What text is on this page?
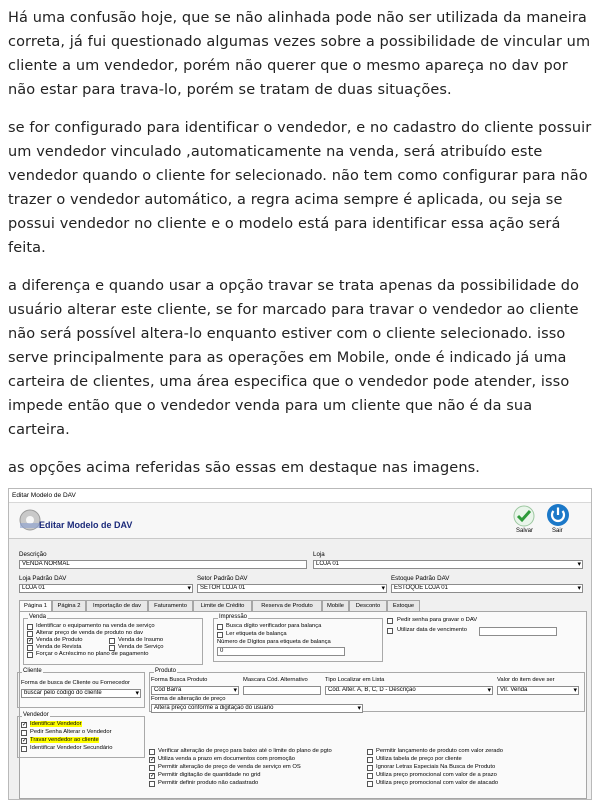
Há uma confusão hoje, que se não alinhada pode não ser utilizada da maneira correta, já fui questionado algumas vezes sobre a possibilidade de vincular um cliente a um vendedor, porém não querer que o mesmo apareça no dav por não estar para trava-lo, porém se tratam de duas situações.

se for configurado para identificar o vendedor, e no cadastro do cliente possuir um vendedor vinculado ,automaticamente na venda, será atribuído este vendedor quando o cliente for selecionado. não tem como configurar para não trazer o vendedor automático, a regra acima sempre é aplicada, ou seja se possui vendedor no cliente e o modelo está para identificar essa ação será feita.

a diferença e quando usar a opção travar se trata apenas da possibilidade do usuário alterar este cliente, se for marcado para travar o vendedor ao cliente não será possível altera-lo enquanto estiver com o cliente selecionado. isso serve principalmente para as operações em Mobile, onde é indicado já uma carteira de clientes, uma área especifica que o vendedor pode atender, isso impede então que o vendedor venda para um cliente que não é da sua carteira.

as opções acima referidas são essas em destaque nas imagens.

Editar Modelo de DAV
Editar Modelo de DAV
Salvar	Sair
Descrição
VENDA NORMAL
Loja
LOJA 01 ▾
Loja Padrão DAV
LOJA 01 ▾
Setor Padrão DAV
SETOR LOJA 01 ▾
Estoque Padrão DAV
ESTOQUE LOJA 01 ▾
Página 1	Página 2	Importação de dav	Faturamento	Limite de Crédito	Reserva de Produto	Mobile	Desconto	Estoque
Venda
Identificar o equipamento na venda de serviço
Alterar preço de venda de produto no dav
✓
Venda de Produto	Venda de Insumo
Venda de Revista	Venda de Serviço
Forçar o Acréscimo no plano de pagamento
Impressão
Busca dígito verificador para balança
Ler etiqueta de balança
Número de Dígitos para etiqueta de balança
0
Pedir senha para gravar o DAV
Utilizar data de vencimento
Cliente
Forma de busca de Cliente ou Fornecedor
buscar pelo código do cliente ▾
Produto
Forma Busca Produto
Cod Barra ▾
Mascara Cód. Alternativo	Tipo Localizar em Lista
Cód. Alter. A, B, C, D - Descrição ▾
Valor do item deve ser
Vlr. Venda ▾
Forma de alteração de preço
Altera preço conforme a digitação do usuário ▾
Vendedor
✓
Identificar Vendedor
Pedir Senha Alterar o Vendedor
✓
Travar vendedor ao cliente
Identificar Vendedor Secundário	Verificar alteração de preço para baixo até o limite do plano de pgto
✓
Utiliza venda a prazo em documentos com promoção
Permitir alteração de preço de venda de serviço em OS
✓
Permitir digitação de quantidade no grid
Permitir definir produto não cadastrado
Permitir lançamento de produto com valor zerado
Utiliza tabela de preço por cliente
Ignorar Letras Especiais Na Busca de Produto
Utiliza preço promocional com valor de a prazo
Utiliza preço promocional com valor de atacado
